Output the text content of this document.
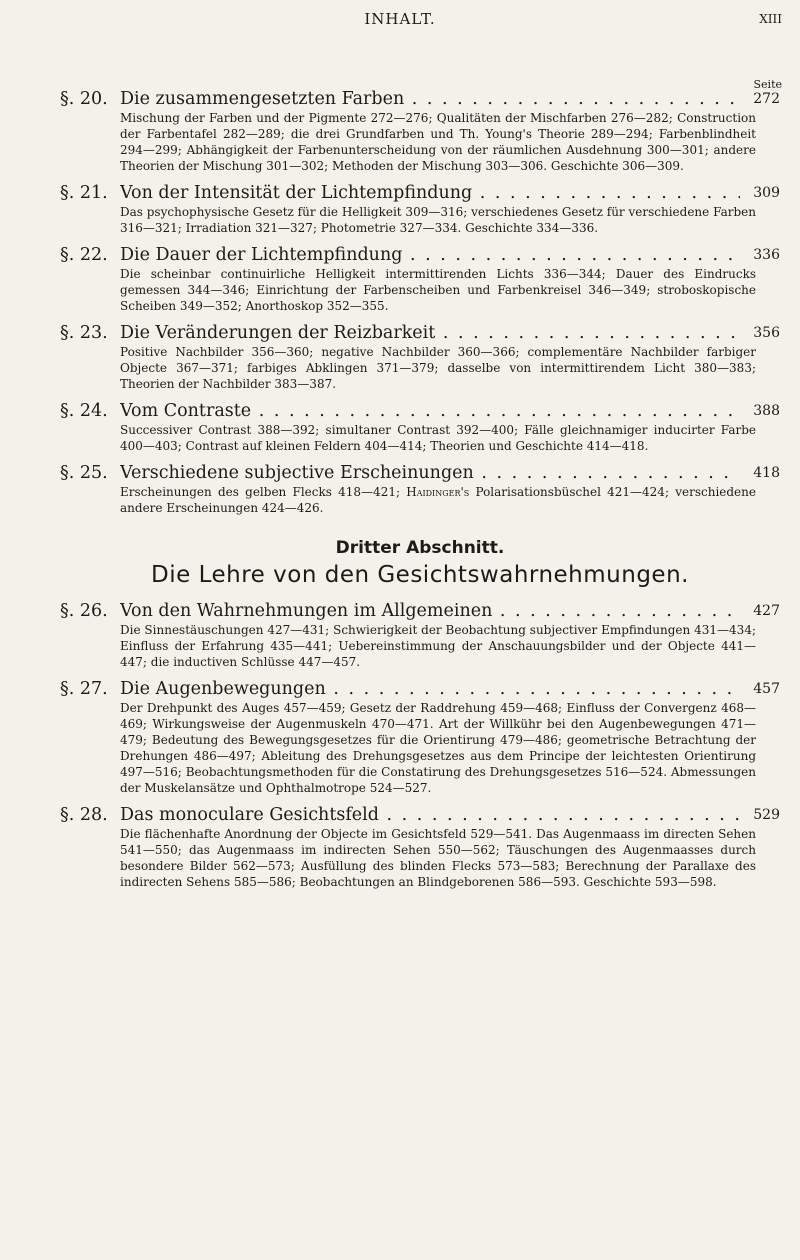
INHALT.	XIII
Seite
§. 20. Die zusammengesetzten Farben . . .	272

Mischung der Farben und der Pigmente 272—276; Qualitäten der Mischfarben 276—282; Construction der Farbentafel 282—289; die drei Grundfarben und Th. Young's Theorie 289—294; Farbenblindheit 294—299; Abhängigkeit der Farbenunterscheidung von der räumlichen Ausdehnung 300—301; andere Theorien der Mischung 301—302; Methoden der Mischung 303—306. Geschichte 306—309.

§. 21. Von der Intensität der Lichtempfindung . . .	309

Das psychophysische Gesetz für die Helligkeit 309—316; verschiedenes Gesetz für verschiedene Farben 316—321; Irradiation 321—327; Photometrie 327—334. Geschichte 334—336.

§. 22. Die Dauer der Lichtempfindung . . .	336

Die scheinbar continuirliche Helligkeit intermittirenden Lichts 336—344; Dauer des Eindrucks gemessen 344—346; Einrichtung der Farbenscheiben und Farbenkreisel 346—349; stroboskopische Scheiben 349—352; Anorthoskop 352—355.

§. 23. Die Veränderungen der Reizbarkeit . . .	356

Positive Nachbilder 356—360; negative Nachbilder 360—366; complementäre Nachbilder farbiger Objecte 367—371; farbiges Abklingen 371—379; dasselbe von intermittirendem Licht 380—383; Theorien der Nachbilder 383—387.

§. 24. Vom Contraste . . .	388

Successiver Contrast 388—392; simultaner Contrast 392—400; Fälle gleichnamiger inducirter Farbe 400—403; Contrast auf kleinen Feldern 404—414; Theorien und Geschichte 414—418.

§. 25. Verschiedene subjective Erscheinungen . . .	418

Erscheinungen des gelben Flecks 418—421; Haidinger's Polarisationsbüschel 421—424; verschiedene andere Erscheinungen 424—426.

Dritter Abschnitt.
Die Lehre von den Gesichtswahrnehmungen.
§. 26. Von den Wahrnehmungen im Allgemeinen . . .	427

Die Sinnestäuschungen 427—431; Schwierigkeit der Beobachtung subjectiver Empfindungen 431—434; Einfluss der Erfahrung 435—441; Uebereinstimmung der Anschauungsbilder und der Objecte 441—447; die inductiven Schlüsse 447—457.

§. 27. Die Augenbewegungen . . .	457

Der Drehpunkt des Auges 457—459; Gesetz der Raddrehung 459—468; Einfluss der Convergenz 468—469; Wirkungsweise der Augenmuskeln 470—471. Art der Willkühr bei den Augenbewegungen 471—479; Bedeutung des Bewegungsgesetzes für die Orientirung 479—486; geometrische Betrachtung der Drehungen 486—497; Ableitung des Drehungsgesetzes aus dem Principe der leichtesten Orientirung 497—516; Beobachtungsmethoden für die Constatirung des Drehungsgesetzes 516—524. Abmessungen der Muskelansätze und Ophthalmotrope 524—527.

§. 28. Das monoculare Gesichtsfeld . . .	529

Die flächenhafte Anordnung der Objecte im Gesichtsfeld 529—541. Das Augenmaass im directen Sehen 541—550; das Augenmaass im indirecten Sehen 550—562; Täuschungen des Augenmaasses durch besondere Bilder 562—573; Ausfüllung des blinden Flecks 573—583; Berechnung der Parallaxe des indirecten Sehens 585—586; Beobachtungen an Blindgeborenen 586—593. Geschichte 593—598.
